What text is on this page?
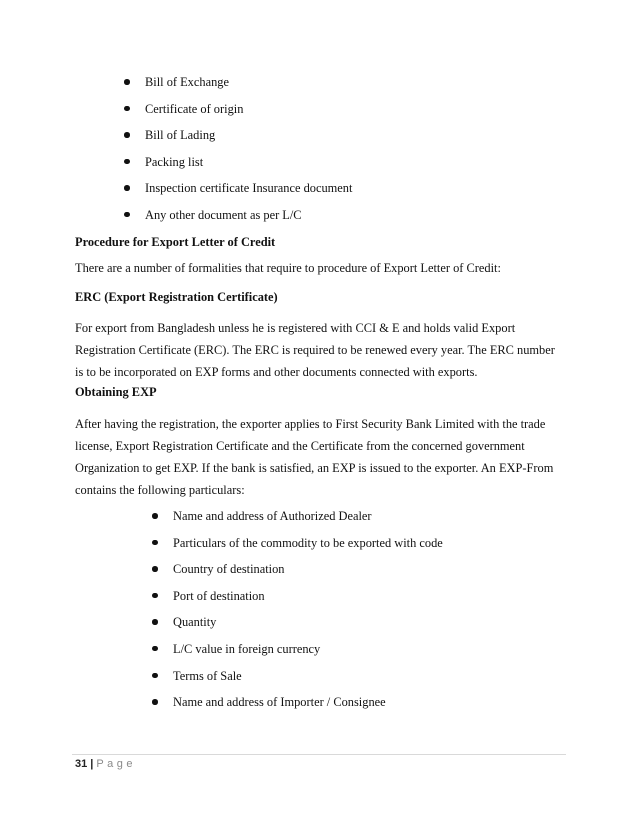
Bill of Exchange
Certificate of origin
Bill of Lading
Packing list
Inspection certificate Insurance document
Any other document as per L/C
Procedure for Export Letter of Credit
There are a number of formalities that require to procedure of Export Letter of Credit:
ERC (Export Registration Certificate)

For export from Bangladesh unless he is registered with CCI & E and holds valid Export

Registration Certificate (ERC). The ERC is required to be renewed every year. The ERC number

is to be incorporated on EXP forms and other documents connected with exports.

Obtaining EXP

After having the registration, the exporter applies to First Security Bank Limited with the trade

license, Export Registration Certificate and the Certificate from the concerned government

Organization to get EXP. If the bank is satisfied, an EXP is issued to the exporter. An EXP-From

contains the following particulars:

Name and address of Authorized Dealer
Particulars of the commodity to be exported with code
Country of destination
Port of destination
Quantity
L/C value in foreign currency
Terms of Sale
Name and address of Importer / Consignee
31 | Page
